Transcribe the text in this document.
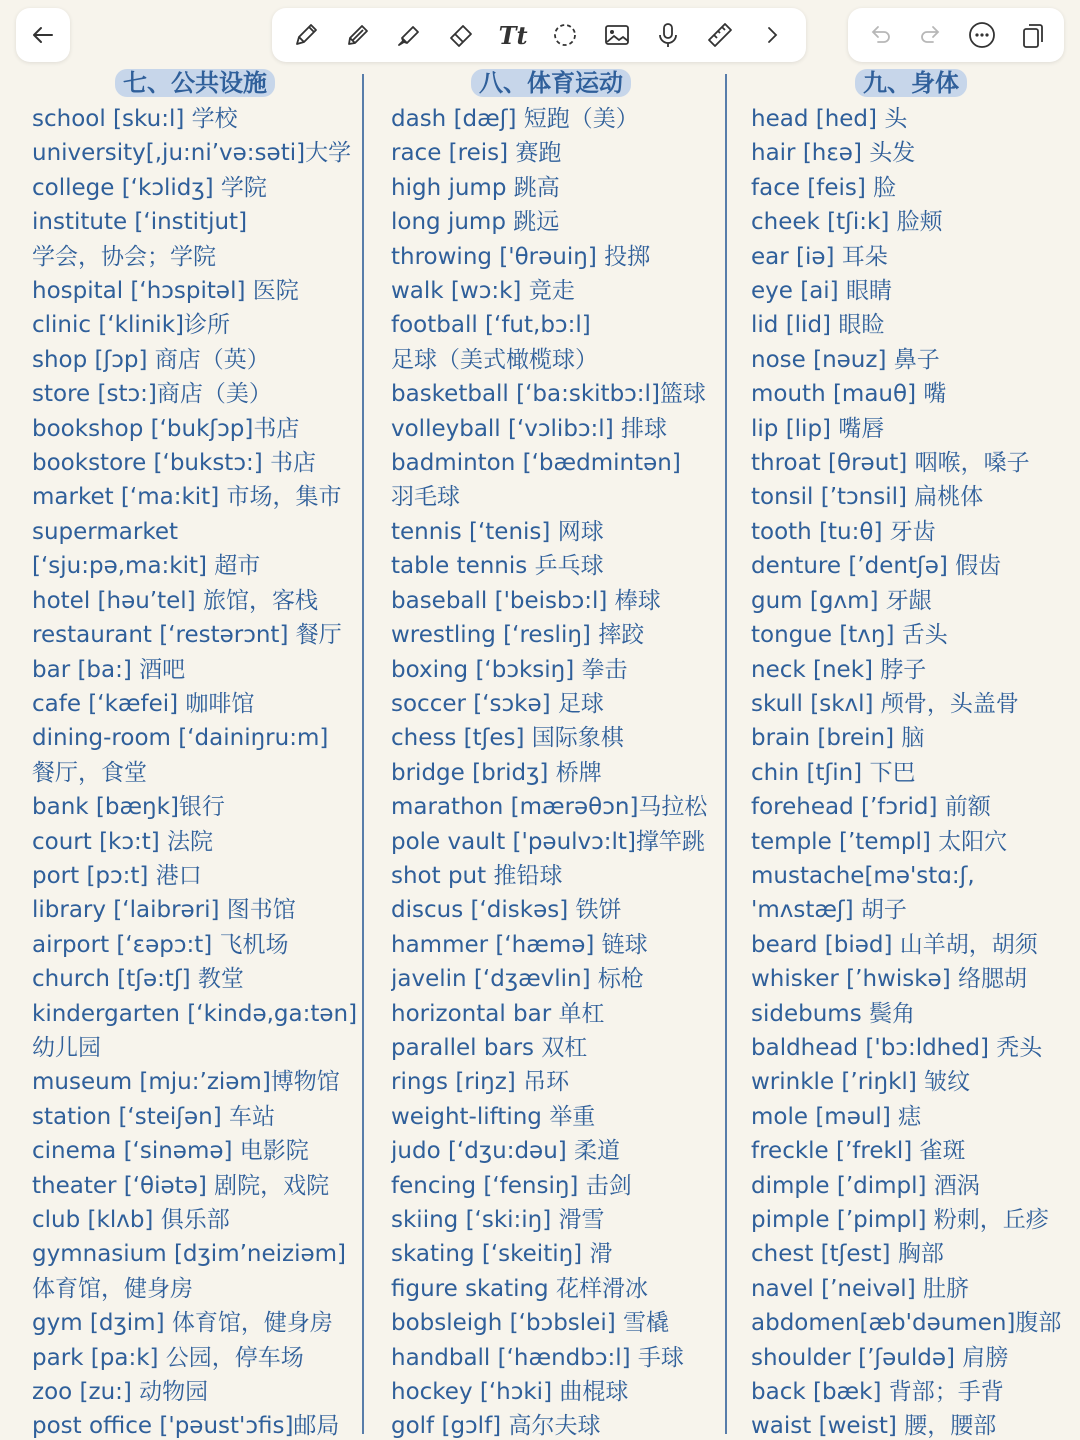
Tt
七、公共设施
school [sku:l] 学校
university[,ju:ni’və:səti]大学
college [‘kɔlidʒ] 学院
institute [‘institjut]
学会，协会；学院
hospital [‘hɔspitəl] 医院
clinic [‘klinik]诊所
shop [ʃɔp] 商店（英）
store [stɔ:]商店（美）
bookshop [‘bukʃɔp]书店
bookstore [‘bukstɔ:] 书店
market [‘ma:kit] 市场，集市
supermarket
[‘sju:pə,ma:kit] 超市
hotel [həu’tel] 旅馆，客栈
restaurant [‘restərɔnt] 餐厅
bar [ba:] 酒吧
cafe [‘kæfei] 咖啡馆
dining-room [‘dainiŋru:m]
餐厅，食堂
bank [bæŋk]银行
court [kɔ:t] 法院
port [pɔ:t] 港口
library [‘laibrəri] 图书馆
airport [‘ɛəpɔ:t] 飞机场
church [tʃə:tʃ] 教堂
kindergarten [‘kində,ga:tən]
幼儿园
museum [mju:’ziəm]博物馆
station [‘steiʃən] 车站
cinema [‘sinəmə] 电影院
theater [‘θiətə] 剧院，戏院
club [klʌb] 俱乐部
gymnasium [dʒim’neiziəm]
体育馆，健身房
gym [dʒim] 体育馆，健身房
park [pa:k] 公园，停车场
zoo [zu:] 动物园
post office ['pəust'ɔfis]邮局
八、体育运动
dash [dæʃ] 短跑（美）
race [reis] 赛跑
high jump 跳高
long jump 跳远
throwing ['θrəuiŋ] 投掷
walk [wɔ:k] 竞走
football [‘fut,bɔ:l]
足球（美式橄榄球）
basketball [‘ba:skitbɔ:l]篮球
volleyball [‘vɔlibɔ:l] 排球
badminton [‘bædmintən]
羽毛球
tennis [‘tenis] 网球
table tennis 乒乓球
baseball ['beisbɔ:l] 棒球
wrestling [‘resliŋ] 摔跤
boxing [‘bɔksiŋ] 拳击
soccer [‘sɔkə] 足球
chess [tʃes] 国际象棋
bridge [bridʒ] 桥牌
marathon [mærəθɔn]马拉松
pole vault ['pəulvɔ:lt]撑竿跳
shot put 推铅球
discus [‘diskəs] 铁饼
hammer [‘hæmə] 链球
javelin [‘dʒævlin] 标枪
horizontal bar 单杠
parallel bars 双杠
rings [riŋz] 吊环
weight-lifting 举重
judo [‘dʒu:dəu] 柔道
fencing [‘fensiŋ] 击剑
skiing [‘ski:iŋ] 滑雪
skating [‘skeitiŋ] 滑
figure skating 花样滑冰
bobsleigh [‘bɔbslei] 雪橇
handball [‘hændbɔ:l] 手球
hockey [‘hɔki] 曲棍球
golf [gɔlf] 高尔夫球
九、身体
head [hed] 头
hair [hεə] 头发
face [feis] 脸
cheek [tʃi:k] 脸颊
ear [iə] 耳朵
eye [ai] 眼睛
lid [lid] 眼睑
nose [nəuz] 鼻子
mouth [mauθ] 嘴
lip [lip] 嘴唇
throat [θrəut] 咽喉，嗓子
tonsil [’tɔnsil] 扁桃体
tooth [tu:θ] 牙齿
denture [’dentʃə] 假齿
gum [gʌm] 牙龈
tongue [tʌŋ] 舌头
neck [nek] 脖子
skull [skʌl] 颅骨，头盖骨
brain [brein] 脑
chin [tʃin] 下巴
forehead [’fɔrid] 前额
temple [’templ] 太阳穴
mustache[mə'stɑ:ʃ,
'mʌstæʃ] 胡子
beard [biəd] 山羊胡，胡须
whisker [’hwiskə] 络腮胡
sidebums 鬓角
baldhead ['bɔ:ldhed] 秃头
wrinkle [’riŋkl] 皱纹
mole [məul] 痣
freckle [’frekl] 雀斑
dimple [’dimpl] 酒涡
pimple [’pimpl] 粉刺，丘疹
chest [tʃest] 胸部
navel [’neivəl] 肚脐
abdomen[æb'dəumen]腹部
shoulder [’ʃəuldə] 肩膀
back [bæk] 背部；手背
waist [weist] 腰，腰部
